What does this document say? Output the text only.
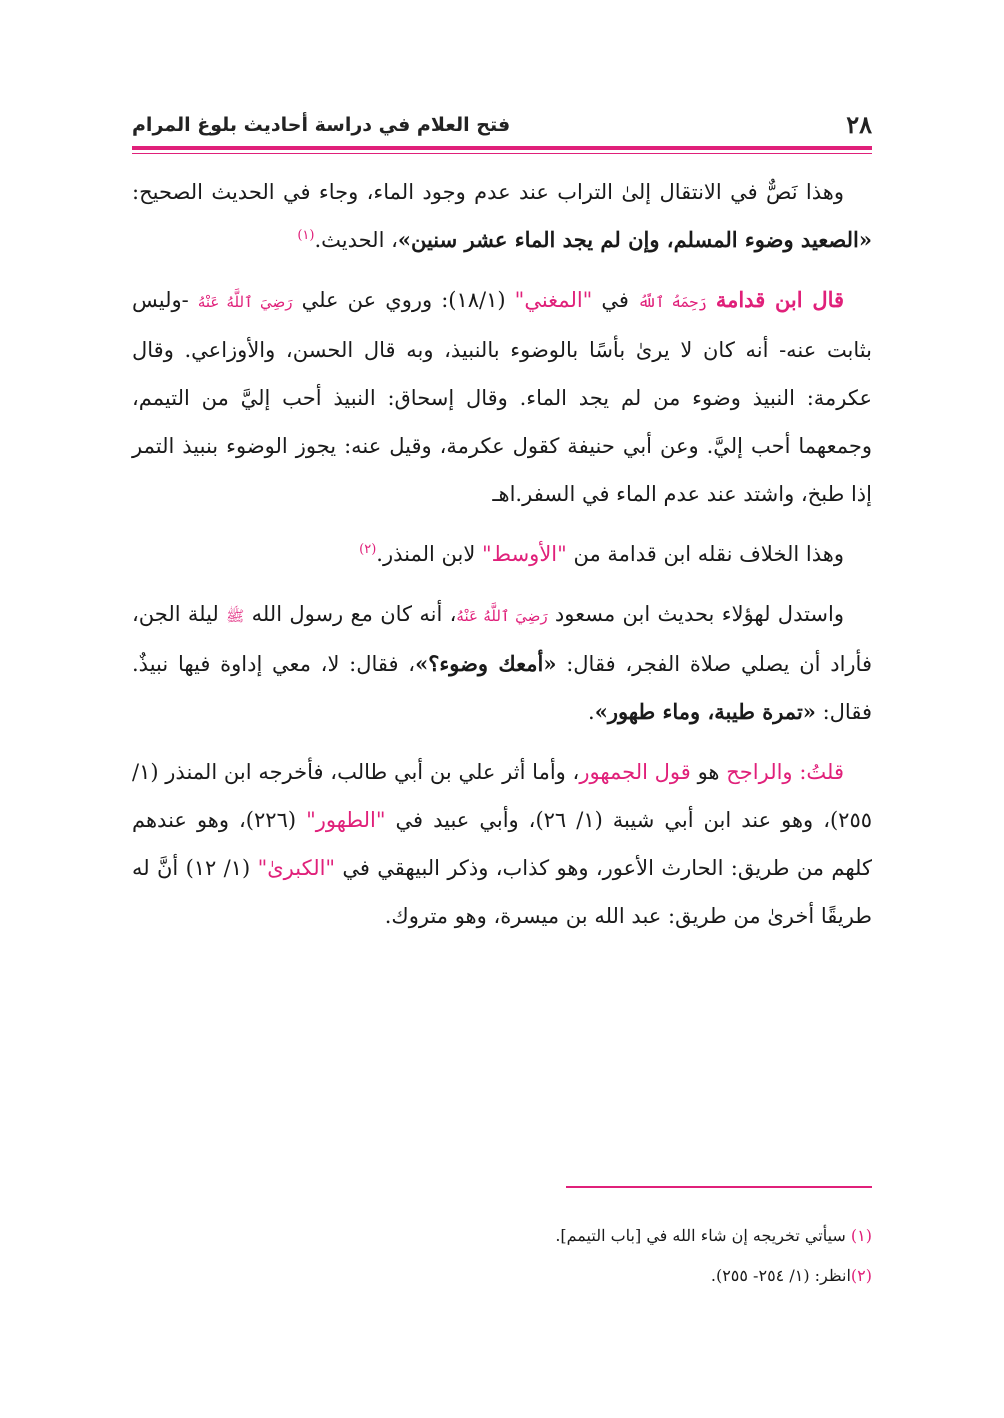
٢٨
فتح العلام في دراسة أحاديث بلوغ المرام

وهذا نَصٌّ في الانتقال إلىٰ التراب عند عدم وجود الماء، وجاء في الحديث الصحيح: «الصعيد وضوء المسلم، وإن لم يجد الماء عشر سنين»، الحديث.$^{(١)}$

قال ابن قدامة رَحِمَهُ ٱللَّهُ في "المغني" (١٨/١): وروي عن علي رَضِيَ ٱللَّهُ عَنْهُ -وليس بثابت عنه- أنه كان لا يرىٰ بأسًا بالوضوء بالنبيذ، وبه قال الحسن، والأوزاعي. وقال عكرمة: النبيذ وضوء من لم يجد الماء. وقال إسحاق: النبيذ أحب إليَّ من التيمم، وجمعهما أحب إليَّ. وعن أبي حنيفة كقول عكرمة، وقيل عنه: يجوز الوضوء بنبيذ التمر إذا طبخ، واشتد عند عدم الماء في السفر.اهـ

وهذا الخلاف نقله ابن قدامة من "الأوسط" لابن المنذر.$^{(٢)}$

واستدل لهؤلاء بحديث ابن مسعود رَضِيَ ٱللَّهُ عَنْهُ، أنه كان مع رسول الله ﷺ ليلة الجن، فأراد أن يصلي صلاة الفجر، فقال: «أمعك وضوء؟»، فقال: لا، معي إداوة فيها نبيذٌ. فقال: «تمرة طيبة، وماء طهور».

قلتُ: والراجح هو قول الجمهور، وأما أثر علي بن أبي طالب، فأخرجه ابن المنذر (١/ ٢٥٥)، وهو عند ابن أبي شيبة (١/ ٢٦)، وأبي عبيد في "الطهور" (٢٢٦)، وهو عندهم كلهم من طريق: الحارث الأعور، وهو كذاب، وذكر البيهقي في "الكبرىٰ" (١/ ١٢) أنَّ له طريقًا أخرىٰ من طريق: عبد الله بن ميسرة، وهو متروك.

(١) سيأتي تخريجه إن شاء الله في [باب التيمم].
(٢)انظر: (١/ ٢٥٤- ٢٥٥).
